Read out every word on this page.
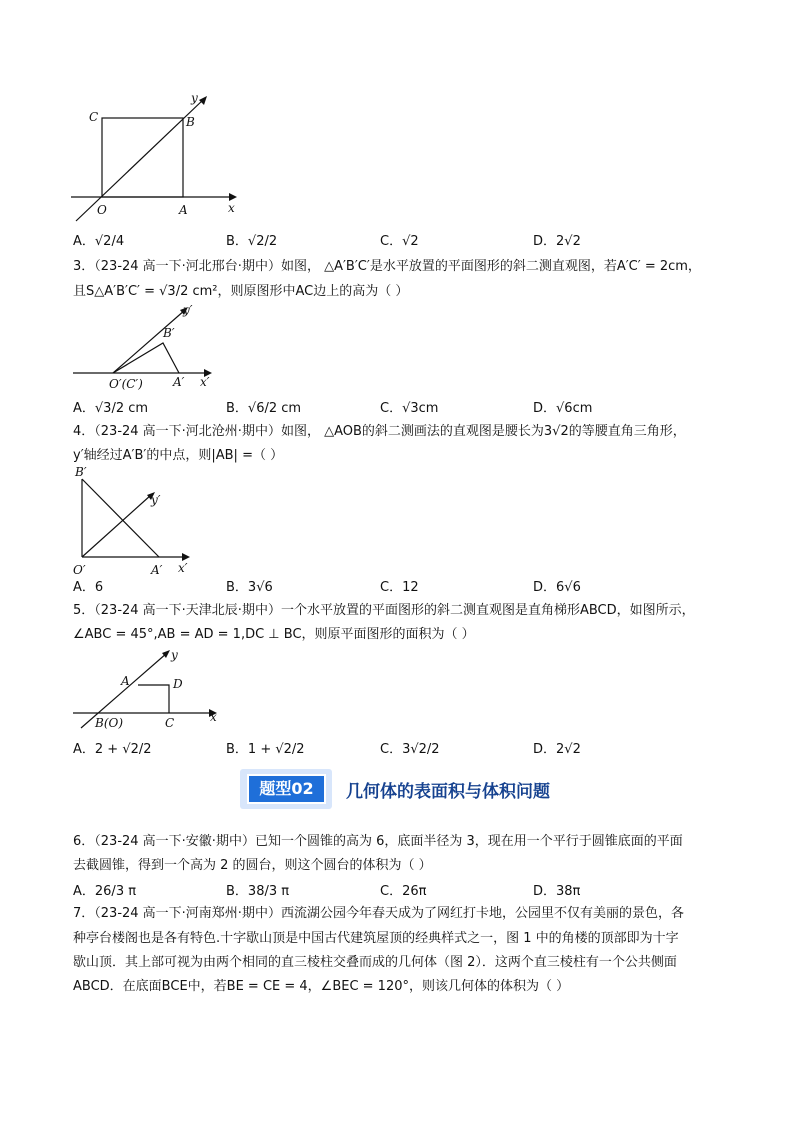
C	B
y
O	A	x
A．√2/4	B．√2/2	C．√2	D．2√2
3．（23-24 高一下·河北邢台·期中）如图， △A′B′C′是水平放置的平面图形的斜二测直观图，若A′C′ = 2cm，
且S△A′B′C′ = √3/2 cm²，则原图形中AC边上的高为（ ）
y′
B′
O′(C′)	A′ x′
A．√3/2 cm	B．√6/2 cm	C．√3cm	D．√6cm
4．（23-24 高一下·河北沧州·期中）如图， △AOB的斜二测画法的直观图是腰长为3√2的等腰直角三角形，
y′轴经过A′B′的中点，则|AB| =（ ）
B′
y′
O′	A′ x′
A．6	B．3√6	C．12	D．6√6
5．（23-24 高一下·天津北辰·期中）一个水平放置的平面图形的斜二测直观图是直角梯形ABCD，如图所示，
∠ABC = 45°,AB = AD = 1,DC ⊥ BC，则原平面图形的面积为（ ）
y
A	D
B(O)	C	x
A．2 + √2/2	B．1 + √2/2	C．3√2/2	D．2√2
题型02	几何体的表面积与体积问题
6．（23-24 高一下·安徽·期中）已知一个圆锥的高为 6，底面半径为 3，现在用一个平行于圆锥底面的平面
去截圆锥，得到一个高为 2 的圆台，则这个圆台的体积为（ ）
A．26/3 π	B．38/3 π	C．26π	D．38π
7．（23-24 高一下·河南郑州·期中）西流湖公园今年春天成为了网红打卡地，公园里不仅有美丽的景色，各
种亭台楼阁也是各有特色.十字歇山顶是中国古代建筑屋顶的经典样式之一，图 1 中的角楼的顶部即为十字
歇山顶．其上部可视为由两个相同的直三棱柱交叠而成的几何体（图 2）．这两个直三棱柱有一个公共侧面
ABCD．在底面BCE中，若BE = CE = 4，∠BEC = 120°，则该几何体的体积为（ ）
